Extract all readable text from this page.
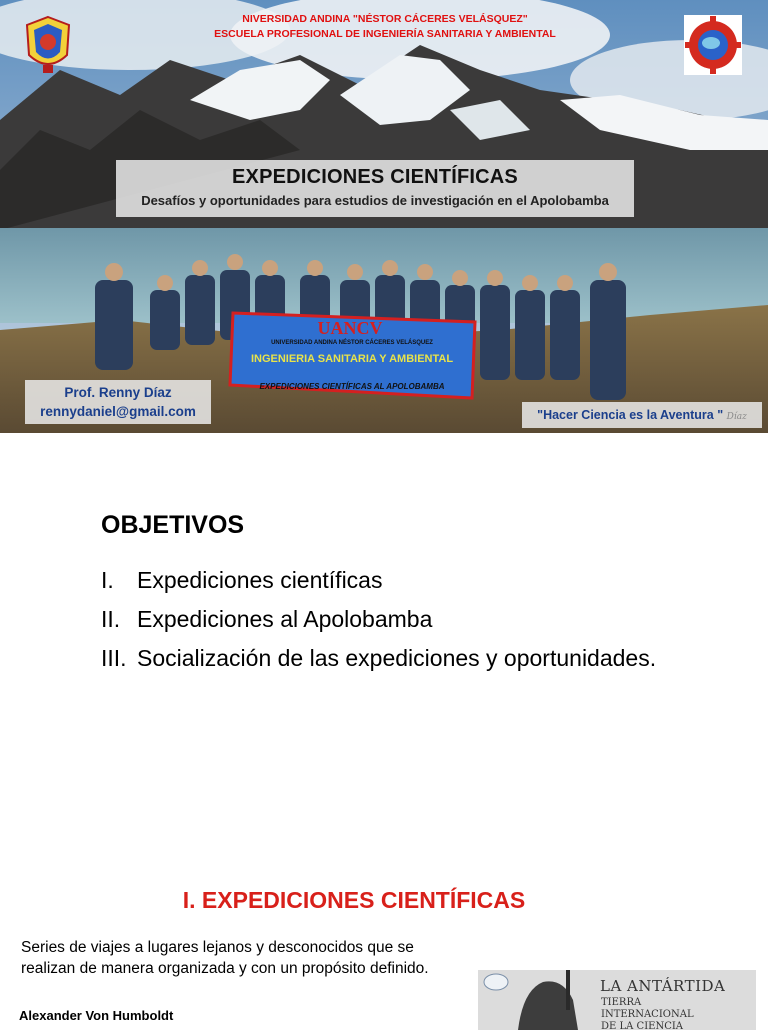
UANCV
UNIVERSIDAD ANDINA NÉSTOR CÁCERES VELÁSQUEZ
INGENIERIA SANITARIA Y AMBIENTAL
EXPEDICIONES CIENTÍFICAS AL APOLOBAMBA
NIVERSIDAD ANDINA "NÉSTOR CÁCERES VELÁSQUEZ"
ESCUELA PROFESIONAL DE INGENIERÍA SANITARIA Y AMBIENTAL
EXPEDICIONES CIENTÍFICAS
Desafíos y oportunidades para estudios de investigación en el Apolobamba
Prof. Renny Díaz
rennydaniel@gmail.com	"Hacer Ciencia es la Aventura " Díaz
OBJETIVOS
I.	Expediciones científicas
II. Expediciones al Apolobamba
III. Socialización de las expediciones y oportunidades.
I. EXPEDICIONES CIENTÍFICAS
Series de viajes a lugares lejanos y desconocidos que se realizan de manera organizada y con un propósito definido.
Alexander Von Humboldt
LA ANTÁRTIDA
TIERRA
INTERNACIONAL
DE LA CIENCIA
